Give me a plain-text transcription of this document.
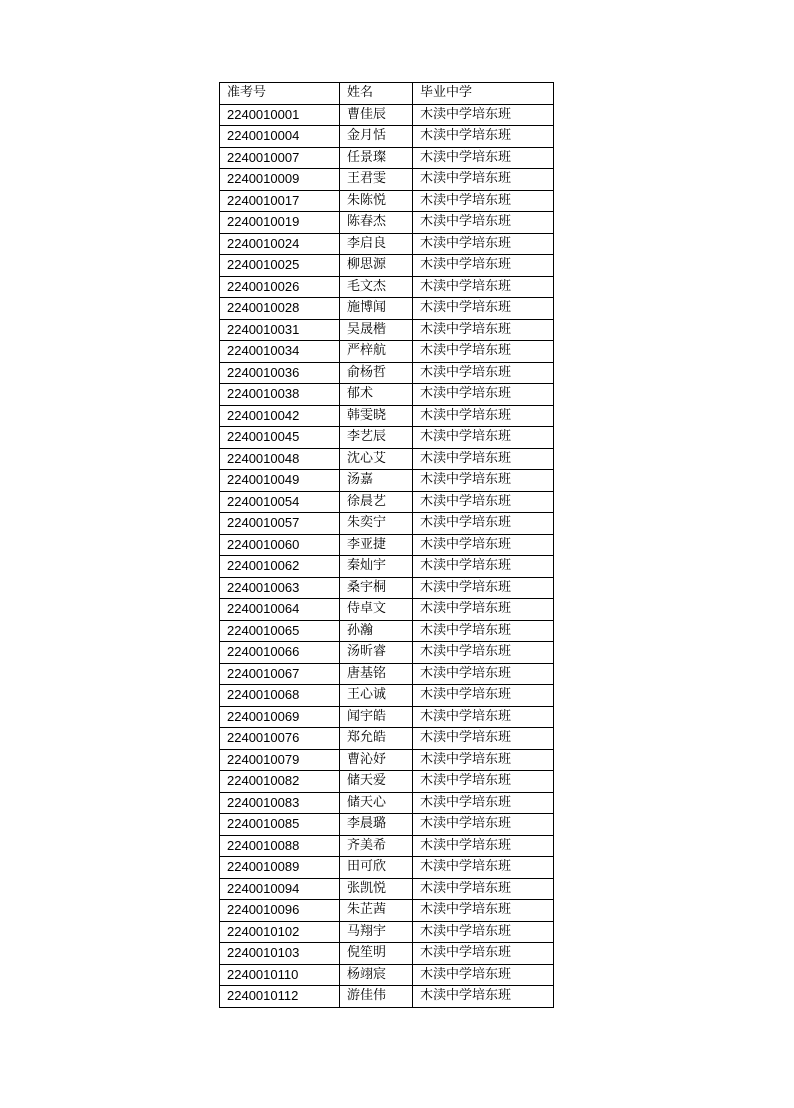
准考号	姓名	毕业中学
2240010001	曹佳辰	木渎中学培东班
2240010004	金月恬	木渎中学培东班
2240010007	任景璨	木渎中学培东班
2240010009	王君雯	木渎中学培东班
2240010017	朱陈悦	木渎中学培东班
2240010019	陈春杰	木渎中学培东班
2240010024	李启良	木渎中学培东班
2240010025	柳思源	木渎中学培东班
2240010026	毛文杰	木渎中学培东班
2240010028	施博闻	木渎中学培东班
2240010031	吴晟楷	木渎中学培东班
2240010034	严梓航	木渎中学培东班
2240010036	俞杨哲	木渎中学培东班
2240010038	郁术	木渎中学培东班
2240010042	韩雯晓	木渎中学培东班
2240010045	李艺辰	木渎中学培东班
2240010048	沈心艾	木渎中学培东班
2240010049	汤嘉	木渎中学培东班
2240010054	徐晨艺	木渎中学培东班
2240010057	朱奕宁	木渎中学培东班
2240010060	李亚捷	木渎中学培东班
2240010062	秦灿宇	木渎中学培东班
2240010063	桑宇桐	木渎中学培东班
2240010064	侍卓文	木渎中学培东班
2240010065	孙瀚	木渎中学培东班
2240010066	汤昕睿	木渎中学培东班
2240010067	唐基铭	木渎中学培东班
2240010068	王心诚	木渎中学培东班
2240010069	闻宇皓	木渎中学培东班
2240010076	郑允皓	木渎中学培东班
2240010079	曹沁妤	木渎中学培东班
2240010082	储天爱	木渎中学培东班
2240010083	储天心	木渎中学培东班
2240010085	李晨璐	木渎中学培东班
2240010088	齐美希	木渎中学培东班
2240010089	田可欣	木渎中学培东班
2240010094	张凯悦	木渎中学培东班
2240010096	朱芷茜	木渎中学培东班
2240010102	马翔宇	木渎中学培东班
2240010103	倪笙明	木渎中学培东班
2240010110	杨翊宸	木渎中学培东班
2240010112	游佳伟	木渎中学培东班
